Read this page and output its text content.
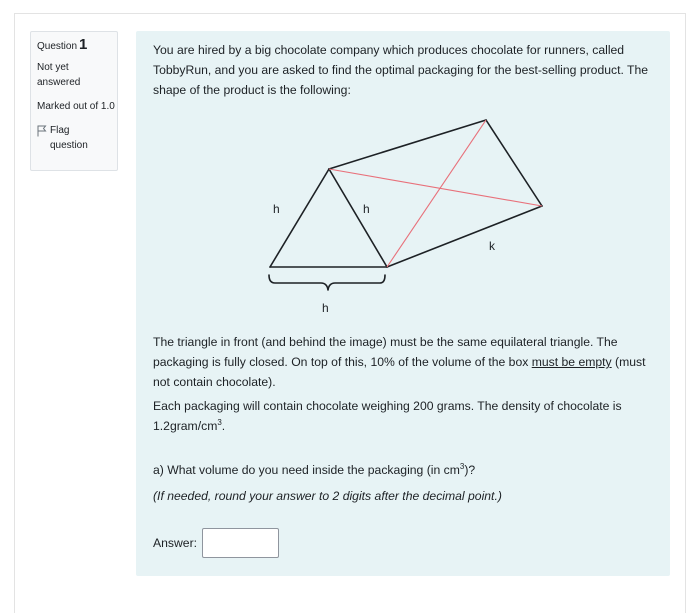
Question 1
Not yet answered
Marked out of 1.0
Flag question
You are hired by a big chocolate company which produces chocolate for runners, called TobbyRun, and you are asked to find the optimal packaging for the best-selling product. The shape of the product is the following:
h	h
k
h
The triangle in front (and behind the image) must be the same equilateral triangle. The packaging is fully closed. On top of this, 10% of the volume of the box must be empty (must not contain chocolate).
Each packaging will contain chocolate weighing 200 grams. The density of chocolate is $1.2gram/cm^3$.
a) What volume do you need inside the packaging (in $cm^3$)?
(If needed, round your answer to 2 digits after the decimal point.)
Answer:
